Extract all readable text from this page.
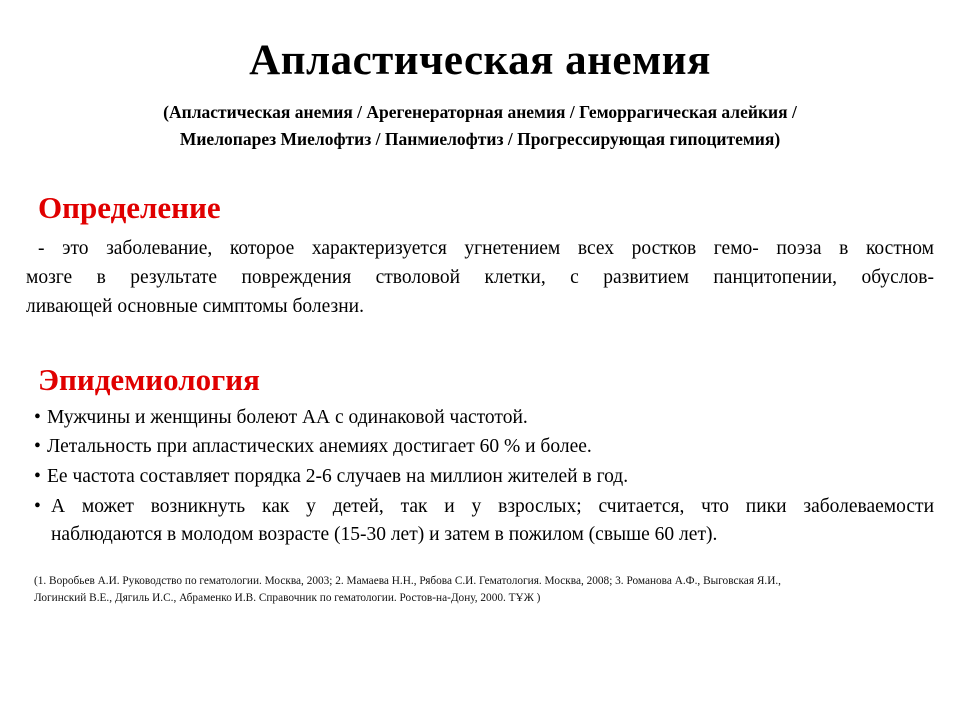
Апластическая анемия
(Апластическая анемия / Арегенераторная анемия / Геморрагическая алейкия /
Миелопарез Миелофтиз / Панмиелофтиз / Прогрессирующая гипоцитемия)
Определение
- это заболевание, которое характеризуется угнетением всех ростков гемо- поэза в костном
мозге в результате повреждения стволовой клетки, с развитием панцитопении, обуслов-
ливающей основные симптомы болезни.
Эпидемиология
• Мужчины и женщины болеют АА с одинаковой частотой.
• Летальность при апластических анемиях достигает 60 % и более.
• Ее частота составляет порядка 2-6 случаев на миллион жителей в год.
• А может возникнуть как у детей, так и у взрослых; считается, что пики заболеваемости
наблюдаются в молодом возрасте (15-30 лет) и затем в пожилом (свыше 60 лет).
(1. Воробьев А.И. Руководство по гематологии. Москва, 2003; 2. Мамаева Н.Н., Рябова С.И. Гематология. Москва, 2008; 3. Романова А.Ф., Выговская Я.И.,
Логинский В.Е., Дягиль И.С., Абраменко И.В. Справочник по гематологии. Ростов-на-Дону, 2000. ТҰЖ )
